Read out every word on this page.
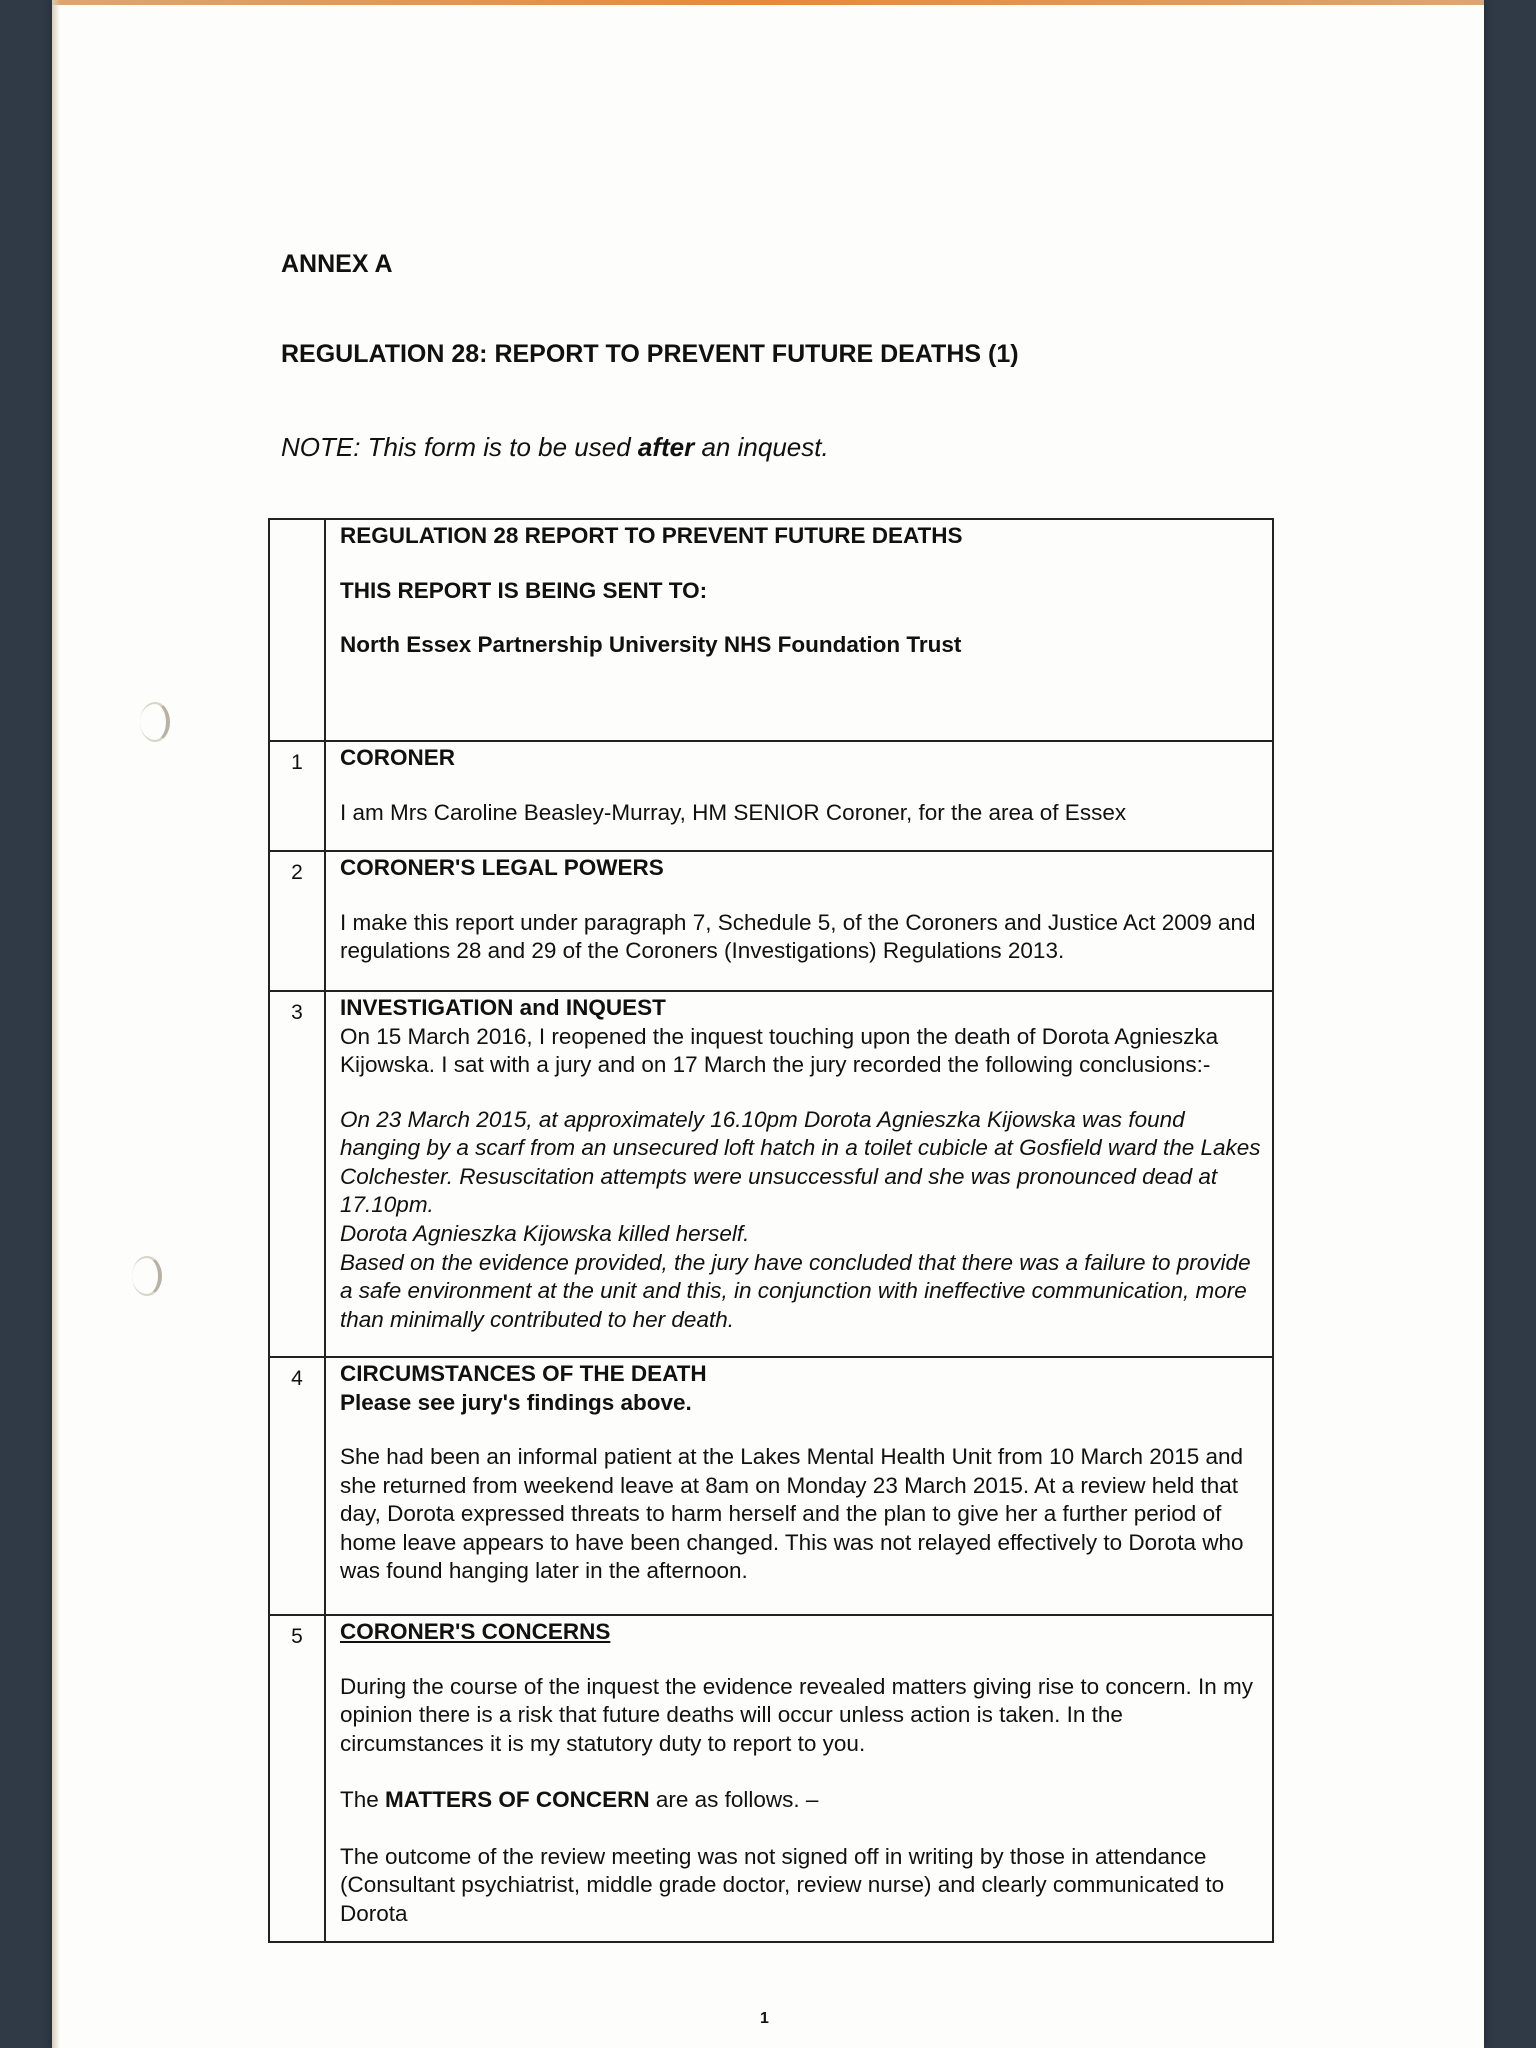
ANNEX A
REGULATION 28: REPORT TO PREVENT FUTURE DEATHS (1)

NOTE: This form is to be used after an inquest.

	REGULATION 28 REPORT TO PREVENT FUTURE DEATHS

THIS REPORT IS BEING SENT TO:

North Essex Partnership University NHS Foundation Trust

1	CORONER

I am Mrs Caroline Beasley-Murray, HM SENIOR Coroner, for the area of Essex

2	CORONER'S LEGAL POWERS

I make this report under paragraph 7, Schedule 5, of the Coroners and Justice Act 2009 and regulations 28 and 29 of the Coroners (Investigations) Regulations 2013.

3	INVESTIGATION and INQUEST

On 15 March 2016, I reopened the inquest touching upon the death of Dorota Agnieszka Kijowska. I sat with a jury and on 17 March the jury recorded the following conclusions:-

On 23 March 2015, at approximately 16.10pm Dorota Agnieszka Kijowska was found hanging by a scarf from an unsecured loft hatch in a toilet cubicle at Gosfield ward the Lakes Colchester. Resuscitation attempts were unsuccessful and she was pronounced dead at 17.10pm.

Dorota Agnieszka Kijowska killed herself.

Based on the evidence provided, the jury have concluded that there was a failure to provide a safe environment at the unit and this, in conjunction with ineffective communication, more than minimally contributed to her death.

4	CIRCUMSTANCES OF THE DEATH

Please see jury's findings above.

She had been an informal patient at the Lakes Mental Health Unit from 10 March 2015 and she returned from weekend leave at 8am on Monday 23 March 2015. At a review held that day, Dorota expressed threats to harm herself and the plan to give her a further period of home leave appears to have been changed. This was not relayed effectively to Dorota who was found hanging later in the afternoon.

5	CORONER'S CONCERNS

During the course of the inquest the evidence revealed matters giving rise to concern. In my opinion there is a risk that future deaths will occur unless action is taken. In the circumstances it is my statutory duty to report to you.

The MATTERS OF CONCERN are as follows. –

The outcome of the review meeting was not signed off in writing by those in attendance (Consultant psychiatrist, middle grade doctor, review nurse) and clearly communicated to Dorota

1
